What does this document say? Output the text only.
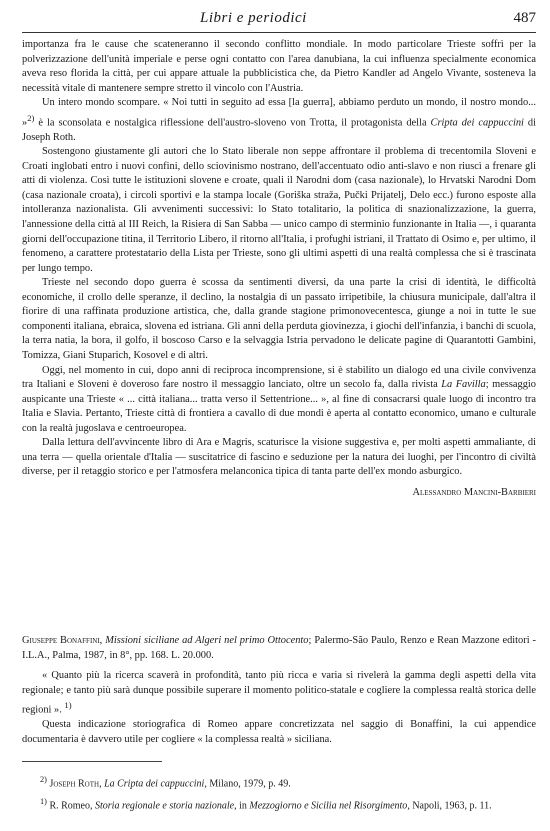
Libri e periodici	487

importanza fra le cause che scateneranno il secondo conflitto mondiale. In modo particolare Trieste soffrì per la polverizzazione dell'unità imperiale e perse ogni contatto con l'area danubiana, la cui influenza specialmente economica aveva reso florida la città, per cui appare attuale la pubblicistica che, da Pietro Kandler ad Angelo Vivante, sosteneva la necessità vitale di mantenere sempre stretto il vincolo con l'Austria.

Un intero mondo scompare. « Noi tutti in seguito ad essa [la guerra], abbiamo perduto un mondo, il nostro mondo... »$^{2)}$ è la sconsolata e nostalgica riflessione dell'austro-sloveno von Trotta, il protagonista della Cripta dei cappuccini di Joseph Roth.

Sostengono giustamente gli autori che lo Stato liberale non seppe affrontare il problema di trecentomila Sloveni e Croati inglobati entro i nuovi confini, dello sciovinismo nostrano, dell'accentuato odio anti-slavo e non riuscì a frenare gli atti di violenza. Così tutte le istituzioni slovene e croate, quali il Narodni dom (casa nazionale), lo Hrvatski Narodni Dom (casa nazionale croata), i circoli sportivi e la stampa locale (Goriška straža, Pučki Prijatelj, Delo ecc.) furono esposte alla intolleranza nazionalista. Gli avvenimenti successivi: lo Stato totalitario, la politica di snazionalizzazione, la guerra, l'annessione della città al III Reich, la Risiera di San Sabba — unico campo di sterminio funzionante in Italia —, i quaranta giorni dell'occupazione titina, il Territorio Libero, il ritorno all'Italia, i profughi istriani, il Trattato di Osimo e, per ultimo, il fenomeno, a carattere protestatario della Lista per Trieste, sono gli ultimi aspetti di una realtà complessa che si è trascinata per lungo tempo.

Trieste nel secondo dopo guerra è scossa da sentimenti diversi, da una parte la crisi di identità, le difficoltà economiche, il crollo delle speranze, il declino, la nostalgia di un passato irripetibile, la chiusura municipale, dall'altra il fiorire di una raffinata produzione artistica, che, dalla grande stagione primonovecentesca, giunge a noi in tutte le sue componenti italiana, ebraica, slovena ed istriana. Gli anni della perduta giovinezza, i giochi dell'infanzia, i banchi di scuola, la terra natia, la bora, il golfo, il boscoso Carso e la selvaggia Istria pervadono le delicate pagine di Quarantotti Gambini, Tomizza, Giani Stuparich, Kosovel e di altri.

Oggi, nel momento in cui, dopo anni di reciproca incomprensione, si è stabilito un dialogo ed una civile convivenza tra Italiani e Sloveni è doveroso fare nostro il messaggio lanciato, oltre un secolo fa, dalla rivista La Favilla; messaggio auspicante una Trieste « ... città italiana... tratta verso il Settentrione... », al fine di consacrarsi quale luogo di incontro tra Italia e Slavia. Pertanto, Trieste città di frontiera a cavallo di due mondi è aperta al contatto economico, umano e culturale con la realtà jugoslava e centroeuropea.

Dalla lettura dell'avvincente libro di Ara e Magris, scaturisce la visione suggestiva e, per molti aspetti ammaliante, di una terra — quella orientale d'Italia — suscitatrice di fascino e seduzione per la natura dei luoghi, per l'incontro di civiltà diverse, per il retaggio storico e per l'atmosfera melanconica tipica di tanta parte dell'ex mondo asburgico.

Alessandro Mancini-Barbieri

Giuseppe Bonaffini, Missioni siciliane ad Algeri nel primo Ottocento; Palermo-São Paulo, Renzo e Rean Mazzone editori - I.L.A., Palma, 1987, in 8°, pp. 168. L. 20.000.

« Quanto più la ricerca scaverà in profondità, tanto più ricca e varia si rivelerà la gamma degli aspetti della vita regionale; e tanto più sarà dunque possibile superare il momento politico-statale e cogliere la complessa realtà storica delle regioni ». $^{1)}$

Questa indicazione storiografica di Romeo appare concretizzata nel saggio di Bonaffini, la cui appendice documentaria è davvero utile per cogliere « la complessa realtà » siciliana.

$^{2)}$ Joseph Roth, La Cripta dei cappuccini, Milano, 1979, p. 49.

$^{1)}$ R. Romeo, Storia regionale e storia nazionale, in Mezzogiorno e Sicilia nel Risorgimento, Napoli, 1963, p. 11.
